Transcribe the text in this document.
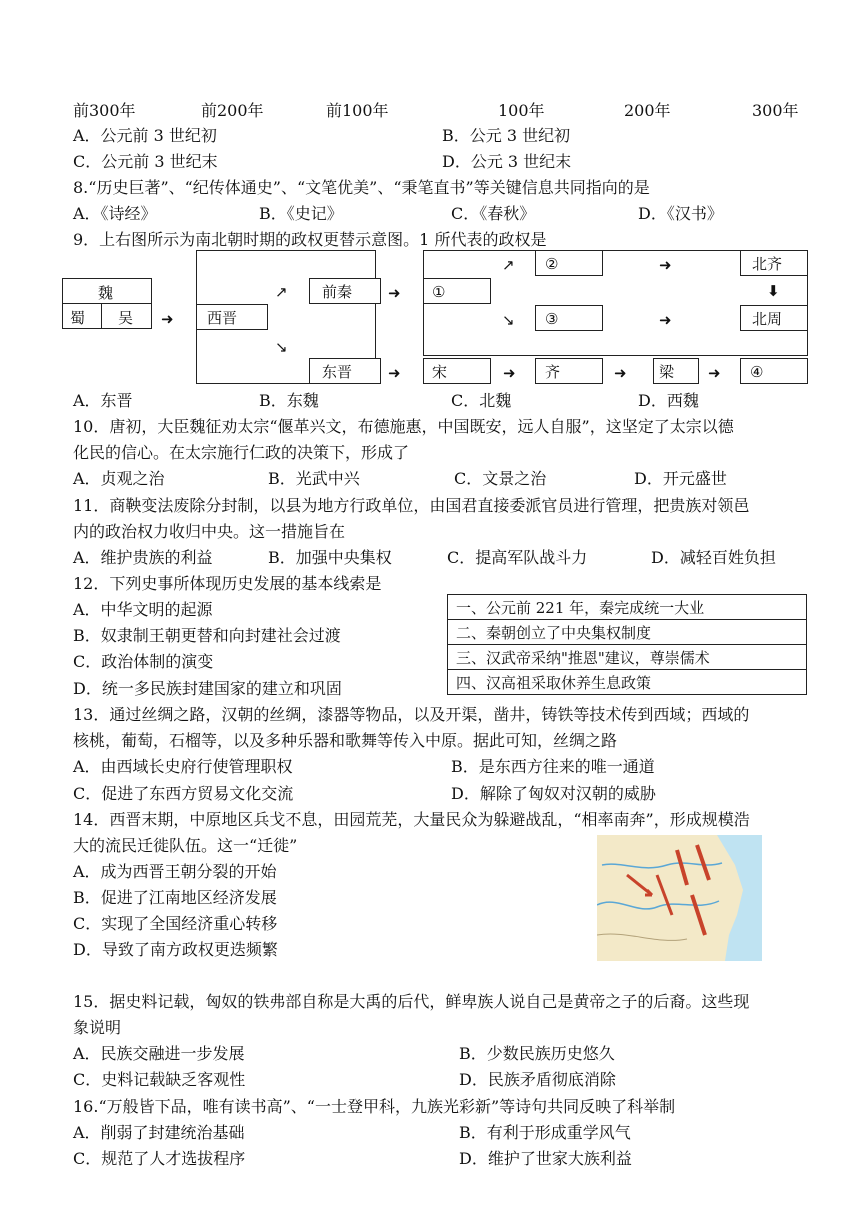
前300年	前200年	前100年	100年	200年	300年
A．公元前 3 世纪初	B．公元 3 世纪初
C．公元前 3 世纪末	D．公元 3 世纪末
8.“历史巨著”、“纪传体通史”、“文笔优美”、“秉笔直书”等关键信息共同指向的是
A．《诗经》	B．《史记》	C．《春秋》	D．《汉书》
9．上右图所示为南北朝时期的政权更替示意图。1 所代表的政权是
魏
蜀 吴 ➜ 西晋
↗
↘
前秦
东晋
➜
➜
①
↗
↘
②
③
➜
➜
北齐
⬇
北周
宋	➜ 齐	➜ 梁 ➜ ④
A．东晋	B．东魏	C．北魏	D．西魏
10．唐初，大臣魏征劝太宗“偃革兴文，布德施惠，中国既安，远人自服”，这坚定了太宗以德
化民的信心。在太宗施行仁政的决策下，形成了
A．贞观之治	B．光武中兴	C．文景之治	D．开元盛世
11．商鞅变法废除分封制，以县为地方行政单位，由国君直接委派官员进行管理，把贵族对领邑
内的政治权力收归中央。这一措施旨在
A．维护贵族的利益	B．加强中央集权	C．提高军队战斗力	D．减轻百姓负担
12．下列史事所体现历史发展的基本线索是
A．中华文明的起源
B．奴隶制王朝更替和向封建社会过渡
C．政治体制的演变
D．统一多民族封建国家的建立和巩固
一、公元前 221 年，秦完成统一大业
二、秦朝创立了中央集权制度
三、汉武帝采纳"推恩"建议，尊崇儒术
四、汉高祖采取休养生息政策
13．通过丝绸之路，汉朝的丝绸，漆器等物品，以及开渠，凿井，铸铁等技术传到西域；西域的
核桃，葡萄，石榴等，以及多种乐器和歌舞等传入中原。据此可知，丝绸之路
A．由西域长史府行使管理职权	B．是东西方往来的唯一通道
C．促进了东西方贸易文化交流	D．解除了匈奴对汉朝的威胁
14．西晋末期，中原地区兵戈不息，田园荒芜，大量民众为躲避战乱，“相率南奔”，形成规模浩
大的流民迁徙队伍。这一“迁徙”
A．成为西晋王朝分裂的开始
B．促进了江南地区经济发展
C．实现了全国经济重心转移
D．导致了南方政权更迭频繁
15．据史料记载，匈奴的铁弗部自称是大禹的后代，鲜卑族人说自己是黄帝之子的后裔。这些现
象说明
A．民族交融进一步发展	B．少数民族历史悠久
C．史料记载缺乏客观性	D．民族矛盾彻底消除
16.“万般皆下品，唯有读书高”、“一士登甲科，九族光彩新”等诗句共同反映了科举制
A．削弱了封建统治基础	B．有利于形成重学风气
C．规范了人才选拔程序	D．维护了世家大族利益
